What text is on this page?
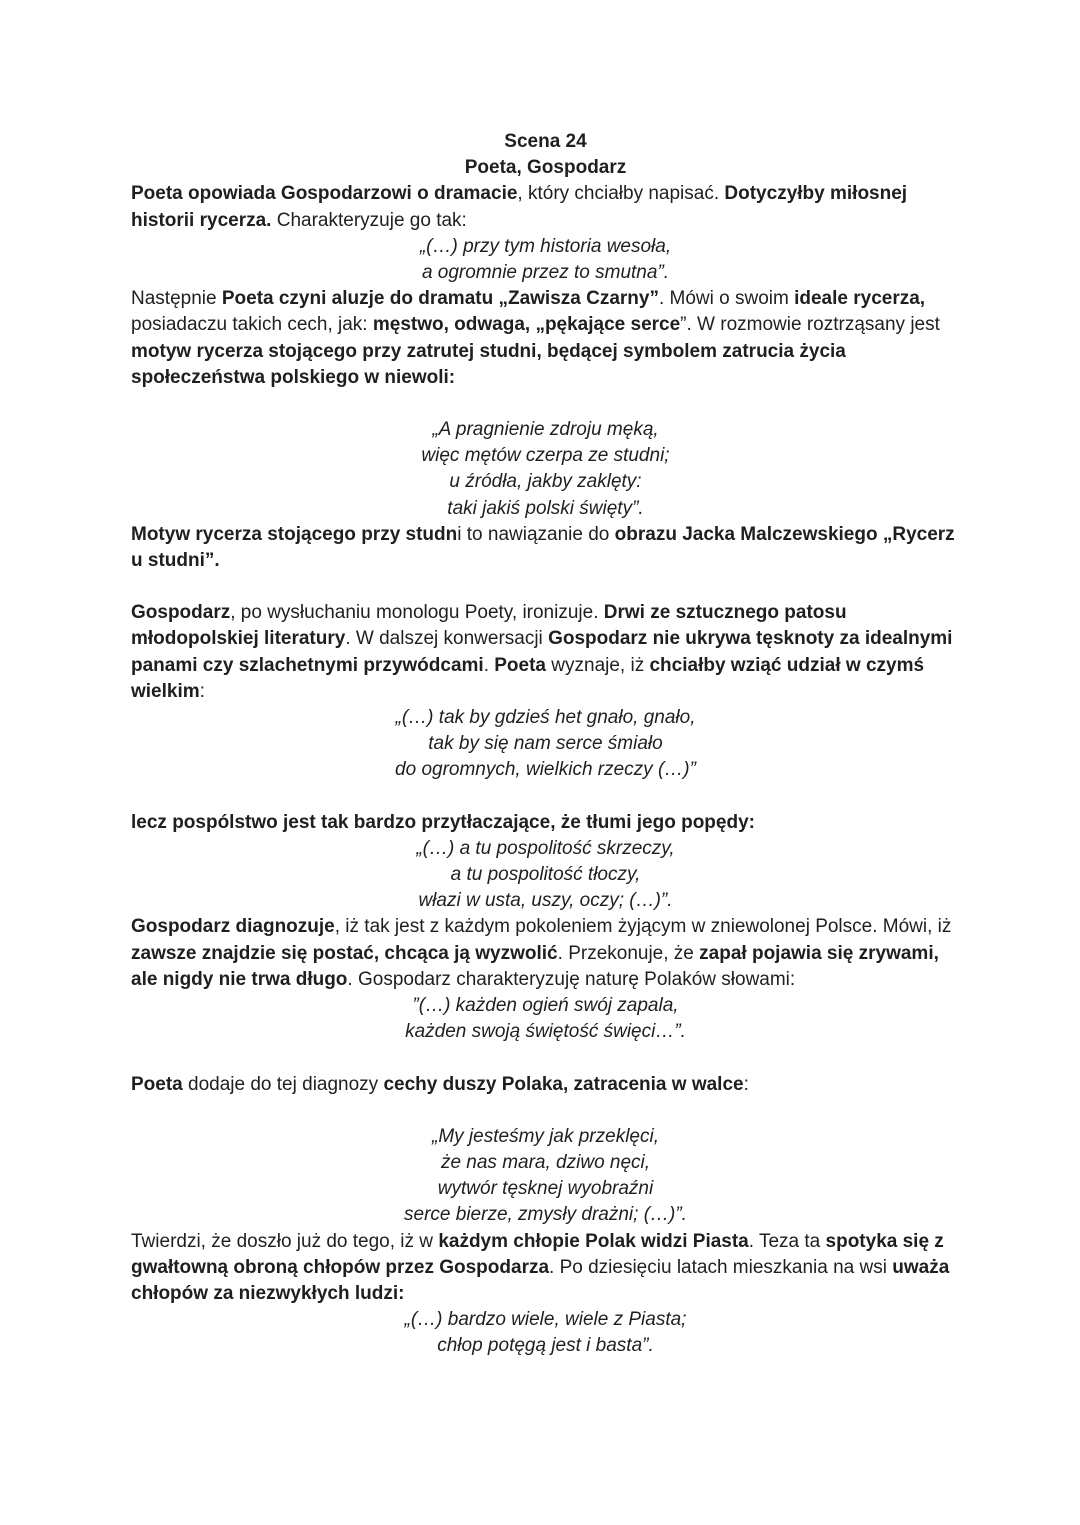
Scena 24

Poeta, Gospodarz

Poeta opowiada Gospodarzowi o dramacie, który chciałby napisać. Dotyczyłby miłosnej historii rycerza. Charakteryzuje go tak:

„(…) przy tym historia wesoła,
a ogromnie przez to smutna”.

Następnie Poeta czyni aluzje do dramatu „Zawisza Czarny”. Mówi o swoim ideale rycerza, posiadaczu takich cech, jak: męstwo, odwaga, „pękające serce”. W rozmowie roztrząsany jest motyw rycerza stojącego przy zatrutej studni, będącej symbolem zatrucia życia społeczeństwa polskiego w niewoli:

„A pragnienie zdroju męką,
więc mętów czerpa ze studni;
u źródła, jakby zaklęty:
taki jakiś polski święty”.

Motyw rycerza stojącego przy studni to nawiązanie do obrazu Jacka Malczewskiego „Rycerz u studni”.

Gospodarz, po wysłuchaniu monologu Poety, ironizuje. Drwi ze sztucznego patosu młodopolskiej literatury. W dalszej konwersacji Gospodarz nie ukrywa tęsknoty za idealnymi panami czy szlachetnymi przywódcami. Poeta wyznaje, iż chciałby wziąć udział w czymś wielkim:

„(…) tak by gdzieś het gnało, gnało,
tak by się nam serce śmiało
do ogromnych, wielkich rzeczy (…)”

lecz pospólstwo jest tak bardzo przytłaczające, że tłumi jego popędy:

„(…) a tu pospolitość skrzeczy,
a tu pospolitość tłoczy,
włazi w usta, uszy, oczy; (…)”.

Gospodarz diagnozuje, iż tak jest z każdym pokoleniem żyjącym w zniewolonej Polsce. Mówi, iż zawsze znajdzie się postać, chcąca ją wyzwolić. Przekonuje, że zapał pojawia się zrywami, ale nigdy nie trwa długo. Gospodarz charakteryzuję naturę Polaków słowami:

”(…) każden ogień swój zapala,
każden swoją świętość święci…”.

Poeta dodaje do tej diagnozy cechy duszy Polaka, zatracenia w walce:

„My jesteśmy jak przeklęci,
że nas mara, dziwo nęci,
wytwór tęsknej wyobraźni
serce bierze, zmysły drażni; (…)”.

Twierdzi, że doszło już do tego, iż w każdym chłopie Polak widzi Piasta. Teza ta spotyka się z gwałtowną obroną chłopów przez Gospodarza. Po dziesięciu latach mieszkania na wsi uważa chłopów za niezwykłych ludzi:

„(…) bardzo wiele, wiele z Piasta;
chłop potęgą jest i basta”.
